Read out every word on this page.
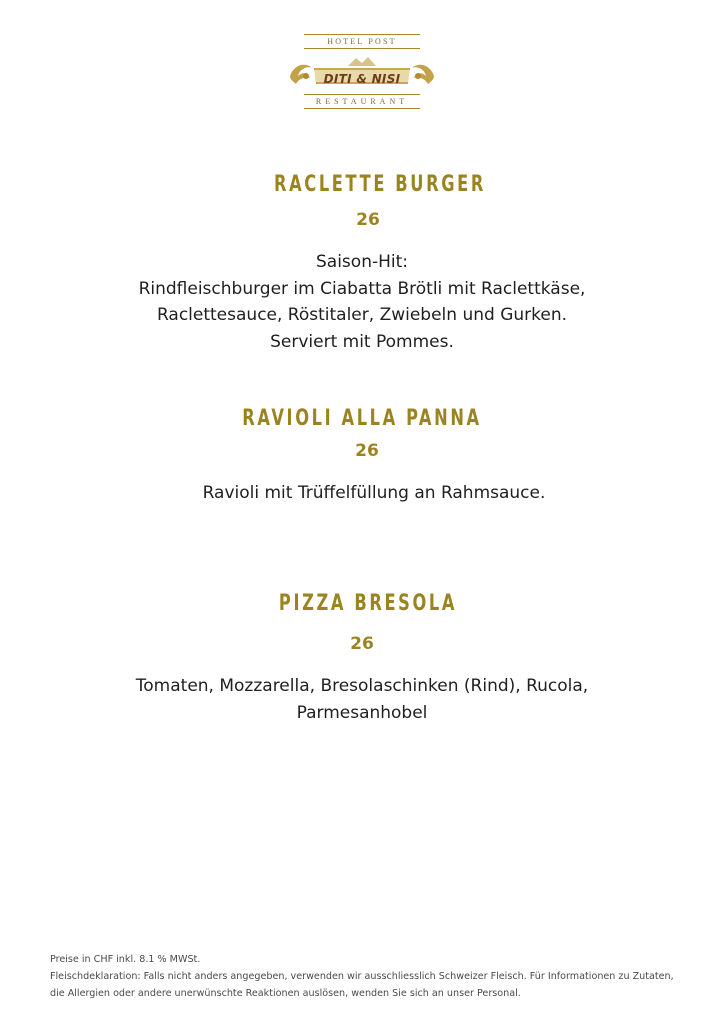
HOTEL POST
DITI & NISI
RESTAURANT
RACLETTE BURGER
26
Saison-Hit:
Rindfleischburger im Ciabatta Brötli mit Raclettkäse,
Raclettesauce, Röstitaler, Zwiebeln und Gurken.
Serviert mit Pommes.
RAVIOLI ALLA PANNA
26
Ravioli mit Trüffelfüllung an Rahmsauce.
PIZZA BRESOLA
26
Tomaten, Mozzarella, Bresolaschinken (Rind), Rucola,
Parmesanhobel
Preise in CHF inkl. 8.1 % MWSt.
Fleischdeklaration: Falls nicht anders angegeben, verwenden wir ausschliesslich Schweizer Fleisch. Für Informationen zu Zutaten,
die Allergien oder andere unerwünschte Reaktionen auslösen, wenden Sie sich an unser Personal.
